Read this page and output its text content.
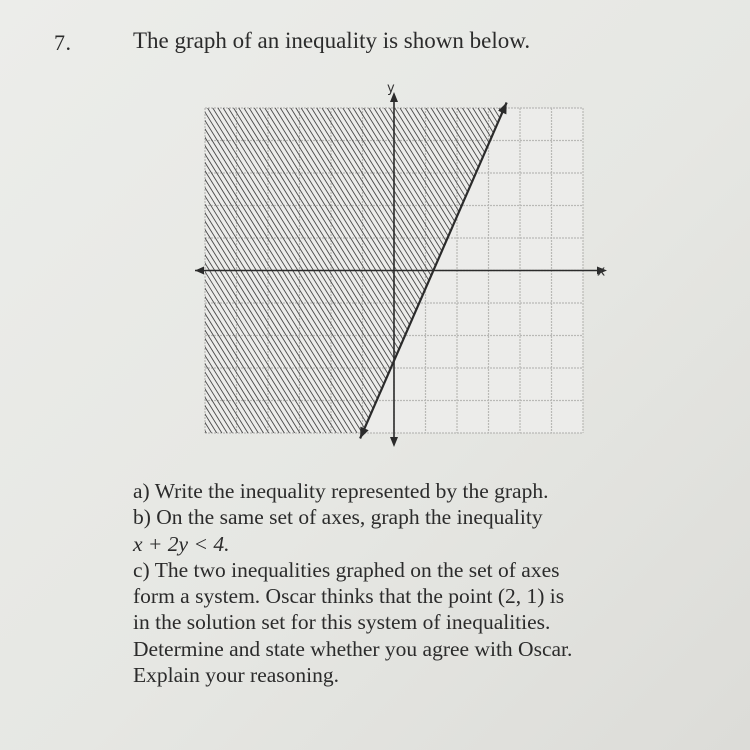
7.	The graph of an inequality is shown below.
y
x

a) Write the inequality represented by the graph.

b) On the same set of axes, graph the inequality

x + 2y < 4.

c) The two inequalities graphed on the set of axes

form a system. Oscar thinks that the point (2, 1) is

in the solution set for this system of inequalities.

Determine and state whether you agree with Oscar.

Explain your reasoning.
